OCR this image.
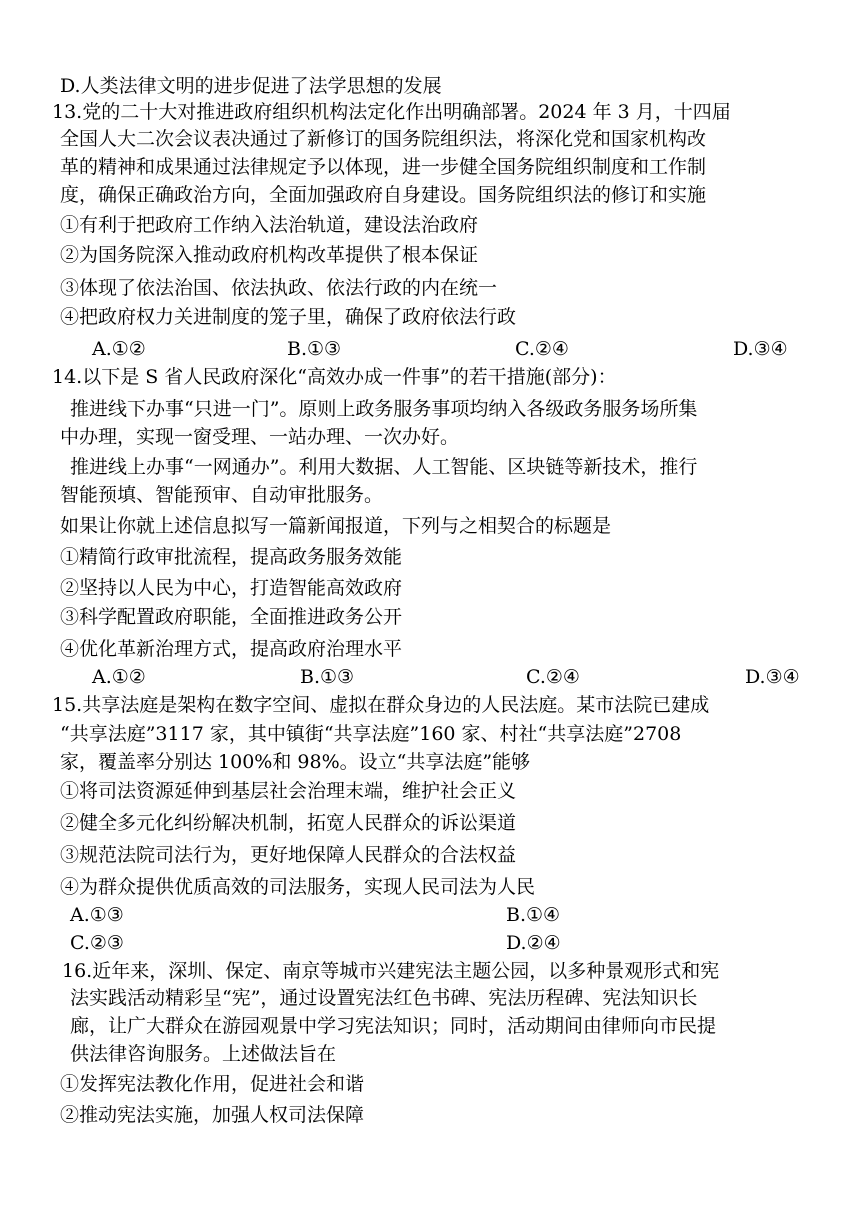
D.人类法律文明的进步促进了法学思想的发展
13.党的二十大对推进政府组织机构法定化作出明确部署。2024 年 3 月，十四届
全国人大二次会议表决通过了新修订的国务院组织法，将深化党和国家机构改
革的精神和成果通过法律规定予以体现，进一步健全国务院组织制度和工作制
度，确保正确政治方向，全面加强政府自身建设。国务院组织法的修订和实施
①有利于把政府工作纳入法治轨道，建设法治政府
②为国务院深入推动政府机构改革提供了根本保证
③体现了依法治国、依法执政、依法行政的内在统一
④把政府权力关进制度的笼子里，确保了政府依法行政
A.①②	B.①③	C.②④	D.③④
14.以下是 S 省人民政府深化“高效办成一件事”的若干措施(部分)：
推进线下办事“只进一门”。原则上政务服务事项均纳入各级政务服务场所集
中办理，实现一窗受理、一站办理、一次办好。
推进线上办事“一网通办”。利用大数据、人工智能、区块链等新技术，推行
智能预填、智能预审、自动审批服务。
如果让你就上述信息拟写一篇新闻报道，下列与之相契合的标题是
①精简行政审批流程，提高政务服务效能
②坚持以人民为中心，打造智能高效政府
③科学配置政府职能，全面推进政务公开
④优化革新治理方式，提高政府治理水平
A.①②	B.①③	C.②④	D.③④
15.共享法庭是架构在数字空间、虚拟在群众身边的人民法庭。某市法院已建成
“共享法庭”3117 家，其中镇街“共享法庭”160 家、村社“共享法庭”2708
家，覆盖率分别达 100%和 98%。设立“共享法庭”能够
①将司法资源延伸到基层社会治理末端，维护社会正义
②健全多元化纠纷解决机制，拓宽人民群众的诉讼渠道
③规范法院司法行为，更好地保障人民群众的合法权益
④为群众提供优质高效的司法服务，实现人民司法为人民
A.①③	B.①④
C.②③	D.②④
16.近年来，深圳、保定、南京等城市兴建宪法主题公园，以多种景观形式和宪
法实践活动精彩呈“宪”，通过设置宪法红色书碑、宪法历程碑、宪法知识长
廊，让广大群众在游园观景中学习宪法知识；同时，活动期间由律师向市民提
供法律咨询服务。上述做法旨在
①发挥宪法教化作用，促进社会和谐
②推动宪法实施，加强人权司法保障
